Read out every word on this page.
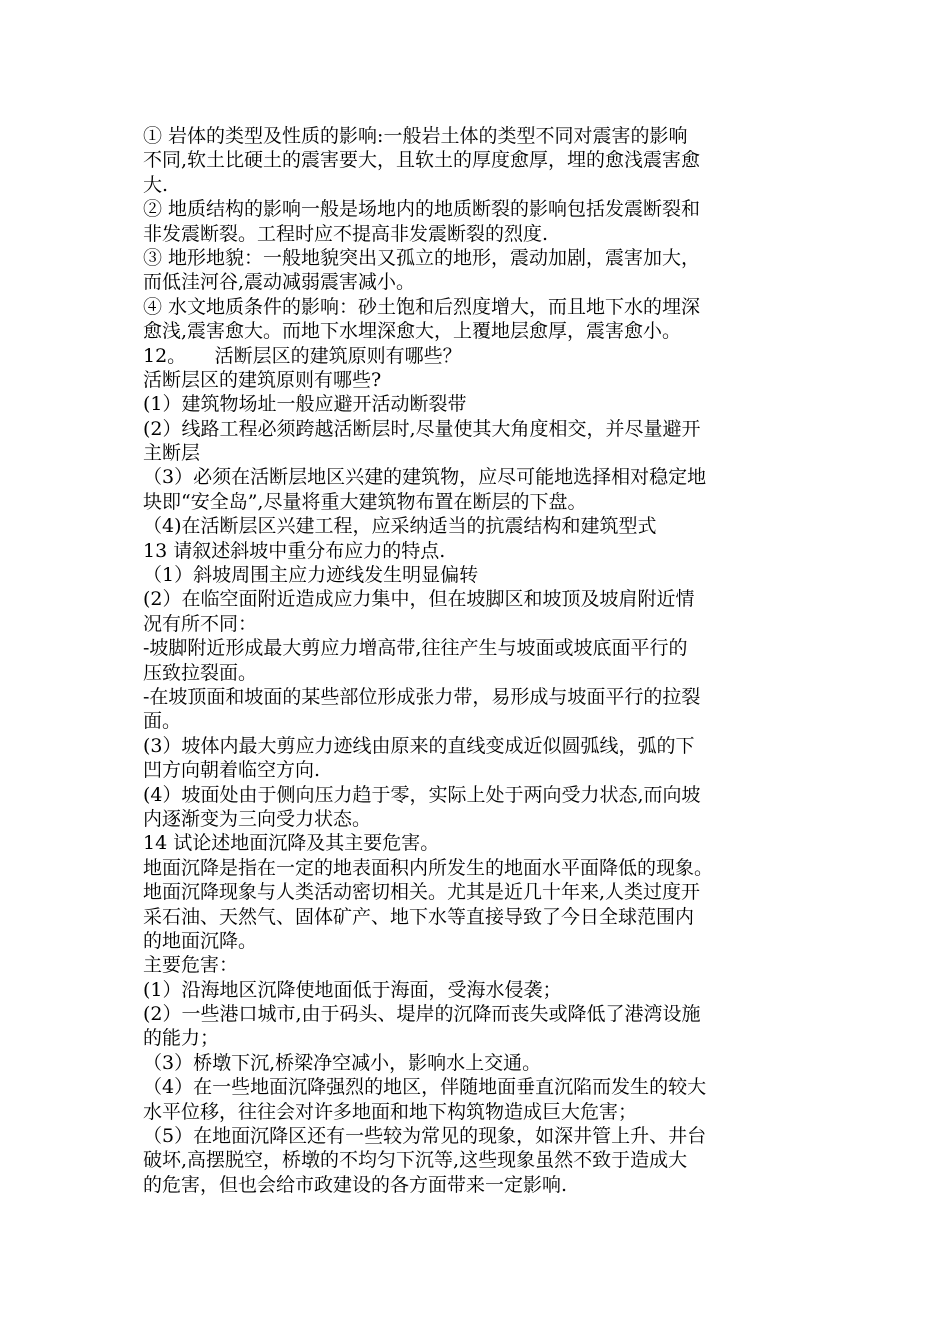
① 岩体的类型及性质的影响:一般岩土体的类型不同对震害的影响
不同,软土比硬土的震害要大，且软土的厚度愈厚，埋的愈浅震害愈
大.
② 地质结构的影响一般是场地内的地质断裂的影响包括发震断裂和
非发震断裂。工程时应不提高非发震断裂的烈度.
③ 地形地貌：一般地貌突出又孤立的地形，震动加剧，震害加大，
而低洼河谷,震动减弱震害减小。
④ 水文地质条件的影响：砂土饱和后烈度增大，而且地下水的埋深
愈浅,震害愈大。而地下水埋深愈大，上覆地层愈厚，震害愈小。
12。　　活断层区的建筑原则有哪些？
活断层区的建筑原则有哪些?
(1）建筑物场址一般应避开活动断裂带
(2）线路工程必须跨越活断层时,尽量使其大角度相交，并尽量避开
主断层
（3）必须在活断层地区兴建的建筑物，应尽可能地选择相对稳定地
块即“安全岛”,尽量将重大建筑物布置在断层的下盘。
（4)在活断层区兴建工程，应采纳适当的抗震结构和建筑型式
13 请叙述斜坡中重分布应力的特点.
（1）斜坡周围主应力迹线发生明显偏转
(2）在临空面附近造成应力集中，但在坡脚区和坡顶及坡肩附近情
况有所不同：
-坡脚附近形成最大剪应力增高带,往往产生与坡面或坡底面平行的
压致拉裂面。
-在坡顶面和坡面的某些部位形成张力带，易形成与坡面平行的拉裂
面。
(3）坡体内最大剪应力迹线由原来的直线变成近似圆弧线，弧的下
凹方向朝着临空方向.
(4）坡面处由于侧向压力趋于零，实际上处于两向受力状态,而向坡
内逐渐变为三向受力状态。
14 试论述地面沉降及其主要危害。
地面沉降是指在一定的地表面积内所发生的地面水平面降低的现象。
地面沉降现象与人类活动密切相关。尤其是近几十年来,人类过度开
采石油、天然气、固体矿产、地下水等直接导致了今日全球范围内
的地面沉降。
主要危害：
(1）沿海地区沉降使地面低于海面，受海水侵袭；
(2）一些港口城市,由于码头、堤岸的沉降而丧失或降低了港湾设施
的能力；
（3）桥墩下沉,桥梁净空减小，影响水上交通。
（4）在一些地面沉降强烈的地区，伴随地面垂直沉陷而发生的较大
水平位移，往往会对许多地面和地下构筑物造成巨大危害；
（5）在地面沉降区还有一些较为常见的现象，如深井管上升、井台
破坏,高摆脱空，桥墩的不均匀下沉等,这些现象虽然不致于造成大
的危害，但也会给市政建设的各方面带来一定影响.
